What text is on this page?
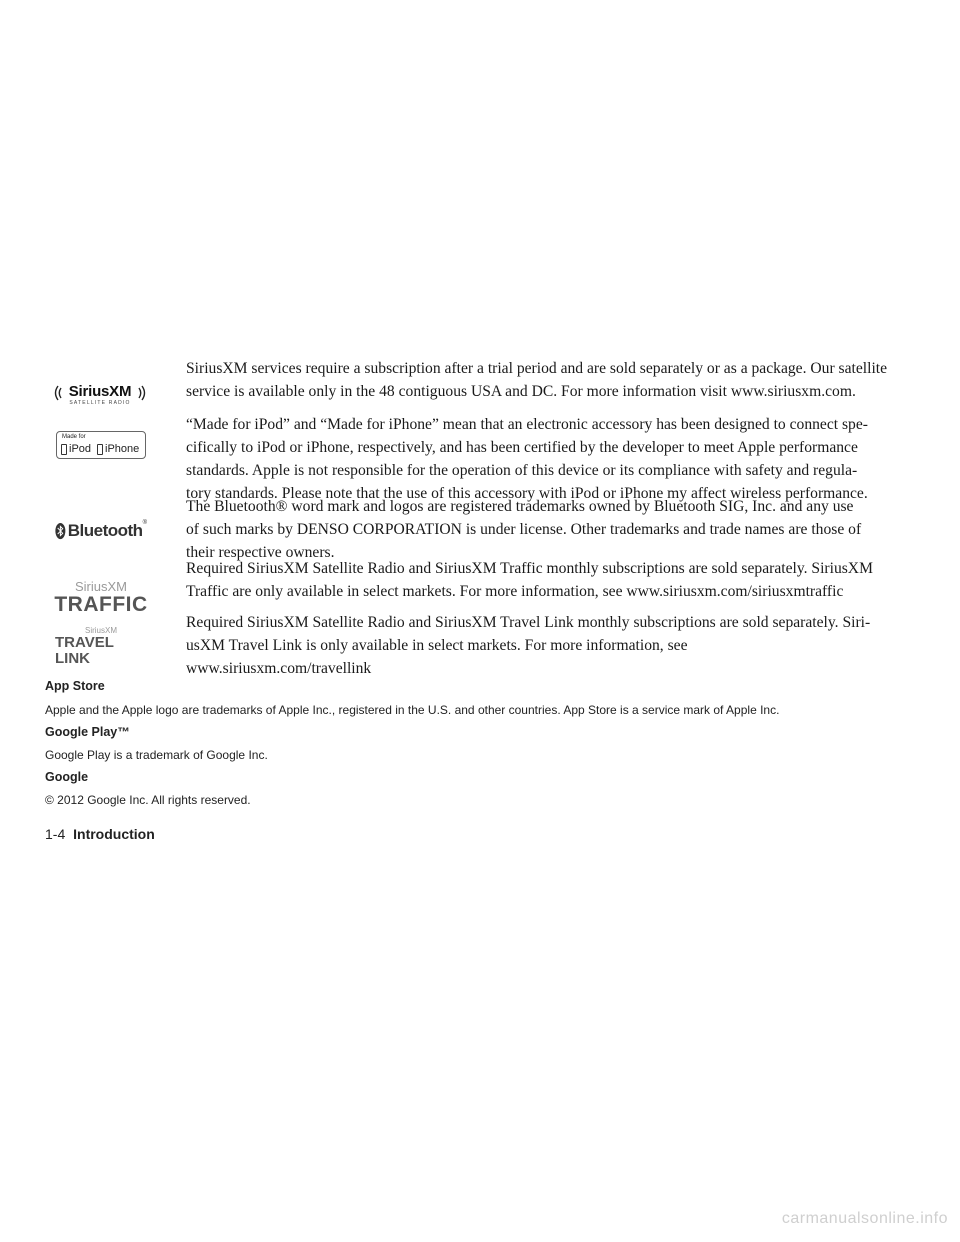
SiriusXM
SATELLITE RADIO
Made for
iPod iPhone
Bluetooth ®
SiriusXM
TRAFFIC
SiriusXM
TRAVEL LINK

SiriusXM services require a subscription after a trial period and are sold separately or as a package. Our satellite
service is available only in the 48 contiguous USA and DC. For more information visit www.siriusxm.com.

“Made for iPod” and “Made for iPhone” mean that an electronic accessory has been designed to connect spe-
cifically to iPod or iPhone, respectively, and has been certified by the developer to meet Apple performance
standards. Apple is not responsible for the operation of this device or its compliance with safety and regula-
tory standards. Please note that the use of this accessory with iPod or iPhone my affect wireless performance.

The Bluetooth® word mark and logos are registered trademarks owned by Bluetooth SIG, Inc. and any use
of such marks by DENSO CORPORATION is under license. Other trademarks and trade names are those of
their respective owners.

Required SiriusXM Satellite Radio and SiriusXM Traffic monthly subscriptions are sold separately. SiriusXM
Traffic are only available in select markets. For more information, see www.siriusxm.com/siriusxmtraffic

Required SiriusXM Satellite Radio and SiriusXM Travel Link monthly subscriptions are sold separately. Siri-
usXM Travel Link is only available in select markets. For more information, see
www.siriusxm.com/travellink

App Store

Apple and the Apple logo are trademarks of Apple Inc., registered in the U.S. and other countries. App Store is a service mark of Apple Inc.

Google Play™

Google Play is a trademark of Google Inc.

Google

© 2012 Google Inc. All rights reserved.

1-4 Introduction
carmanualsonline.info
